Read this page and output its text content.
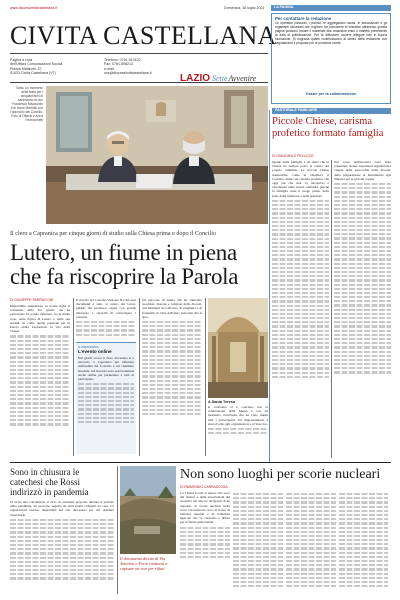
www.diocesicivitacastellana.it	Domenica, 18 luglio 2021	LA PAGINA
CIVITA CASTELLANA
Pagina a cura
dell'Ufficio Comunicazioni Sociali
Piazza Matteotti, 27
01033 Civita Castellana (VT)
Telefono: 0761.513102
Fax: 0761.598213
e-mail:
ucs@diocesicivitacastellana.it	LAZIO SetteAvvenire
Per contattare la redazione
Gli operatori pastorali, i parroci, le aggregazioni laicali, le associazioni e gli organismi diocesani che vogliono far conoscere le iniziative attraverso questa pagina possono inviare il materiale alla redazione entro il martedì precedente la data di pubblicazione. Per la diffusione occorre allegare foto in buona risoluzione. Si ringrazia quanti contribuiscono al lavoro della redazione con segnalazioni e proposte per le prossime uscite.
Grazie per la collaborazione
Sotto, un momento della festa per i cinquant'anni di sacerdozio di don Francesco Mazzucchi e di Ivano Marriotti con l'annuncio del Concilio. Foto di Ottavio e Anna Fedrucchetti
Il clero a Capranica per cinque giorni di studio sulla Chiesa prima e dopo il Concilio
Lutero, un fiume in piena che fa riscoprire la Parola
DI GIUSEPPE PARRACCINI

Impossibile sintetizzare in poche righe il contenuto della Tre giorni: chi ha partecipato ha potuto riflettere, tra le molte cose, sulla figura di Lutero e sulla sua eredità, su come quella passione per la Parola abbia trasformato la vita della Chiesa.

Il ricordo del Concilio Vaticano II e dei suoi documenti è stato al centro dei lavori, guidati dal professor ospite con grande chiarezza e capacità di coinvolgere i presenti.

IL PERCORSO
L'evento online

Nei giorni scorsi il clero diocesano si è ritrovato a Capranica per riflettere sull'eredità del Concilio e sul cammino sinodale. Gli incontri sono stati trasmessi anche online per permettere a tutti di partecipare.

Un percorso di studio che ha coinvolto sacerdoti, diaconi e religiosi della diocesi, con momenti di confronto, di preghiera e di fraternità, in vista dell'anno pastorale che si apre.

A Santa Teresa

Il confronto si è concluso con la celebrazione della Messa e con un momento conviviale che ha visto riuniti tutti i partecipanti. Un ringraziamento è stato rivolto agli organizzatori e al Vescovo.

PASTORALE FAMILIARE
Piccole Chiese, carisma profetico formato famiglia
DI GIANCARLO PELLICCE

Quello sulla famiglia è un tema che la Chiesa ha sempre posto al centro del proprio cammino. Le piccole Chiese domestiche, come le chiamava il Concilio, hanno un carisma profetico che oggi più che mai va riscoperto e valorizzato nelle nostre comunità, perché la famiglia resta il luogo primo della fede, della relazione e della speranza.

Nel corso dell'incontro sono state presentate alcune esperienze significative vissute nelle parrocchie della diocesi, dalla preparazione al matrimonio agli itinerari per le giovani coppie.

Sono in chiusura le catechesi che Rossi indirizzò in pandemia

Si avvia alla conclusione il ciclo di catechesi proposte durante il periodo della pandemia, un percorso seguito da tanti fedeli collegati da casa. Le registrazioni restano disponibili sul sito diocesano per chi desidera riascoltarle.

Il documento diretto di Via Amerina e Forre rinalzerà a capisare un vice per rifiuti
Non sono luoghi per scorie nucleari
DI RAIMONDO CARRASCOSA

La Chiesa locale si unisce alla voce dei sindaci e delle associazioni del territorio nel dire no all'ipotesi di un deposito di scorie nucleari nella zona. Un territorio ricco di storia, di bellezze naturali e di tradizioni agricole che va custodito e difeso per le future generazioni.
